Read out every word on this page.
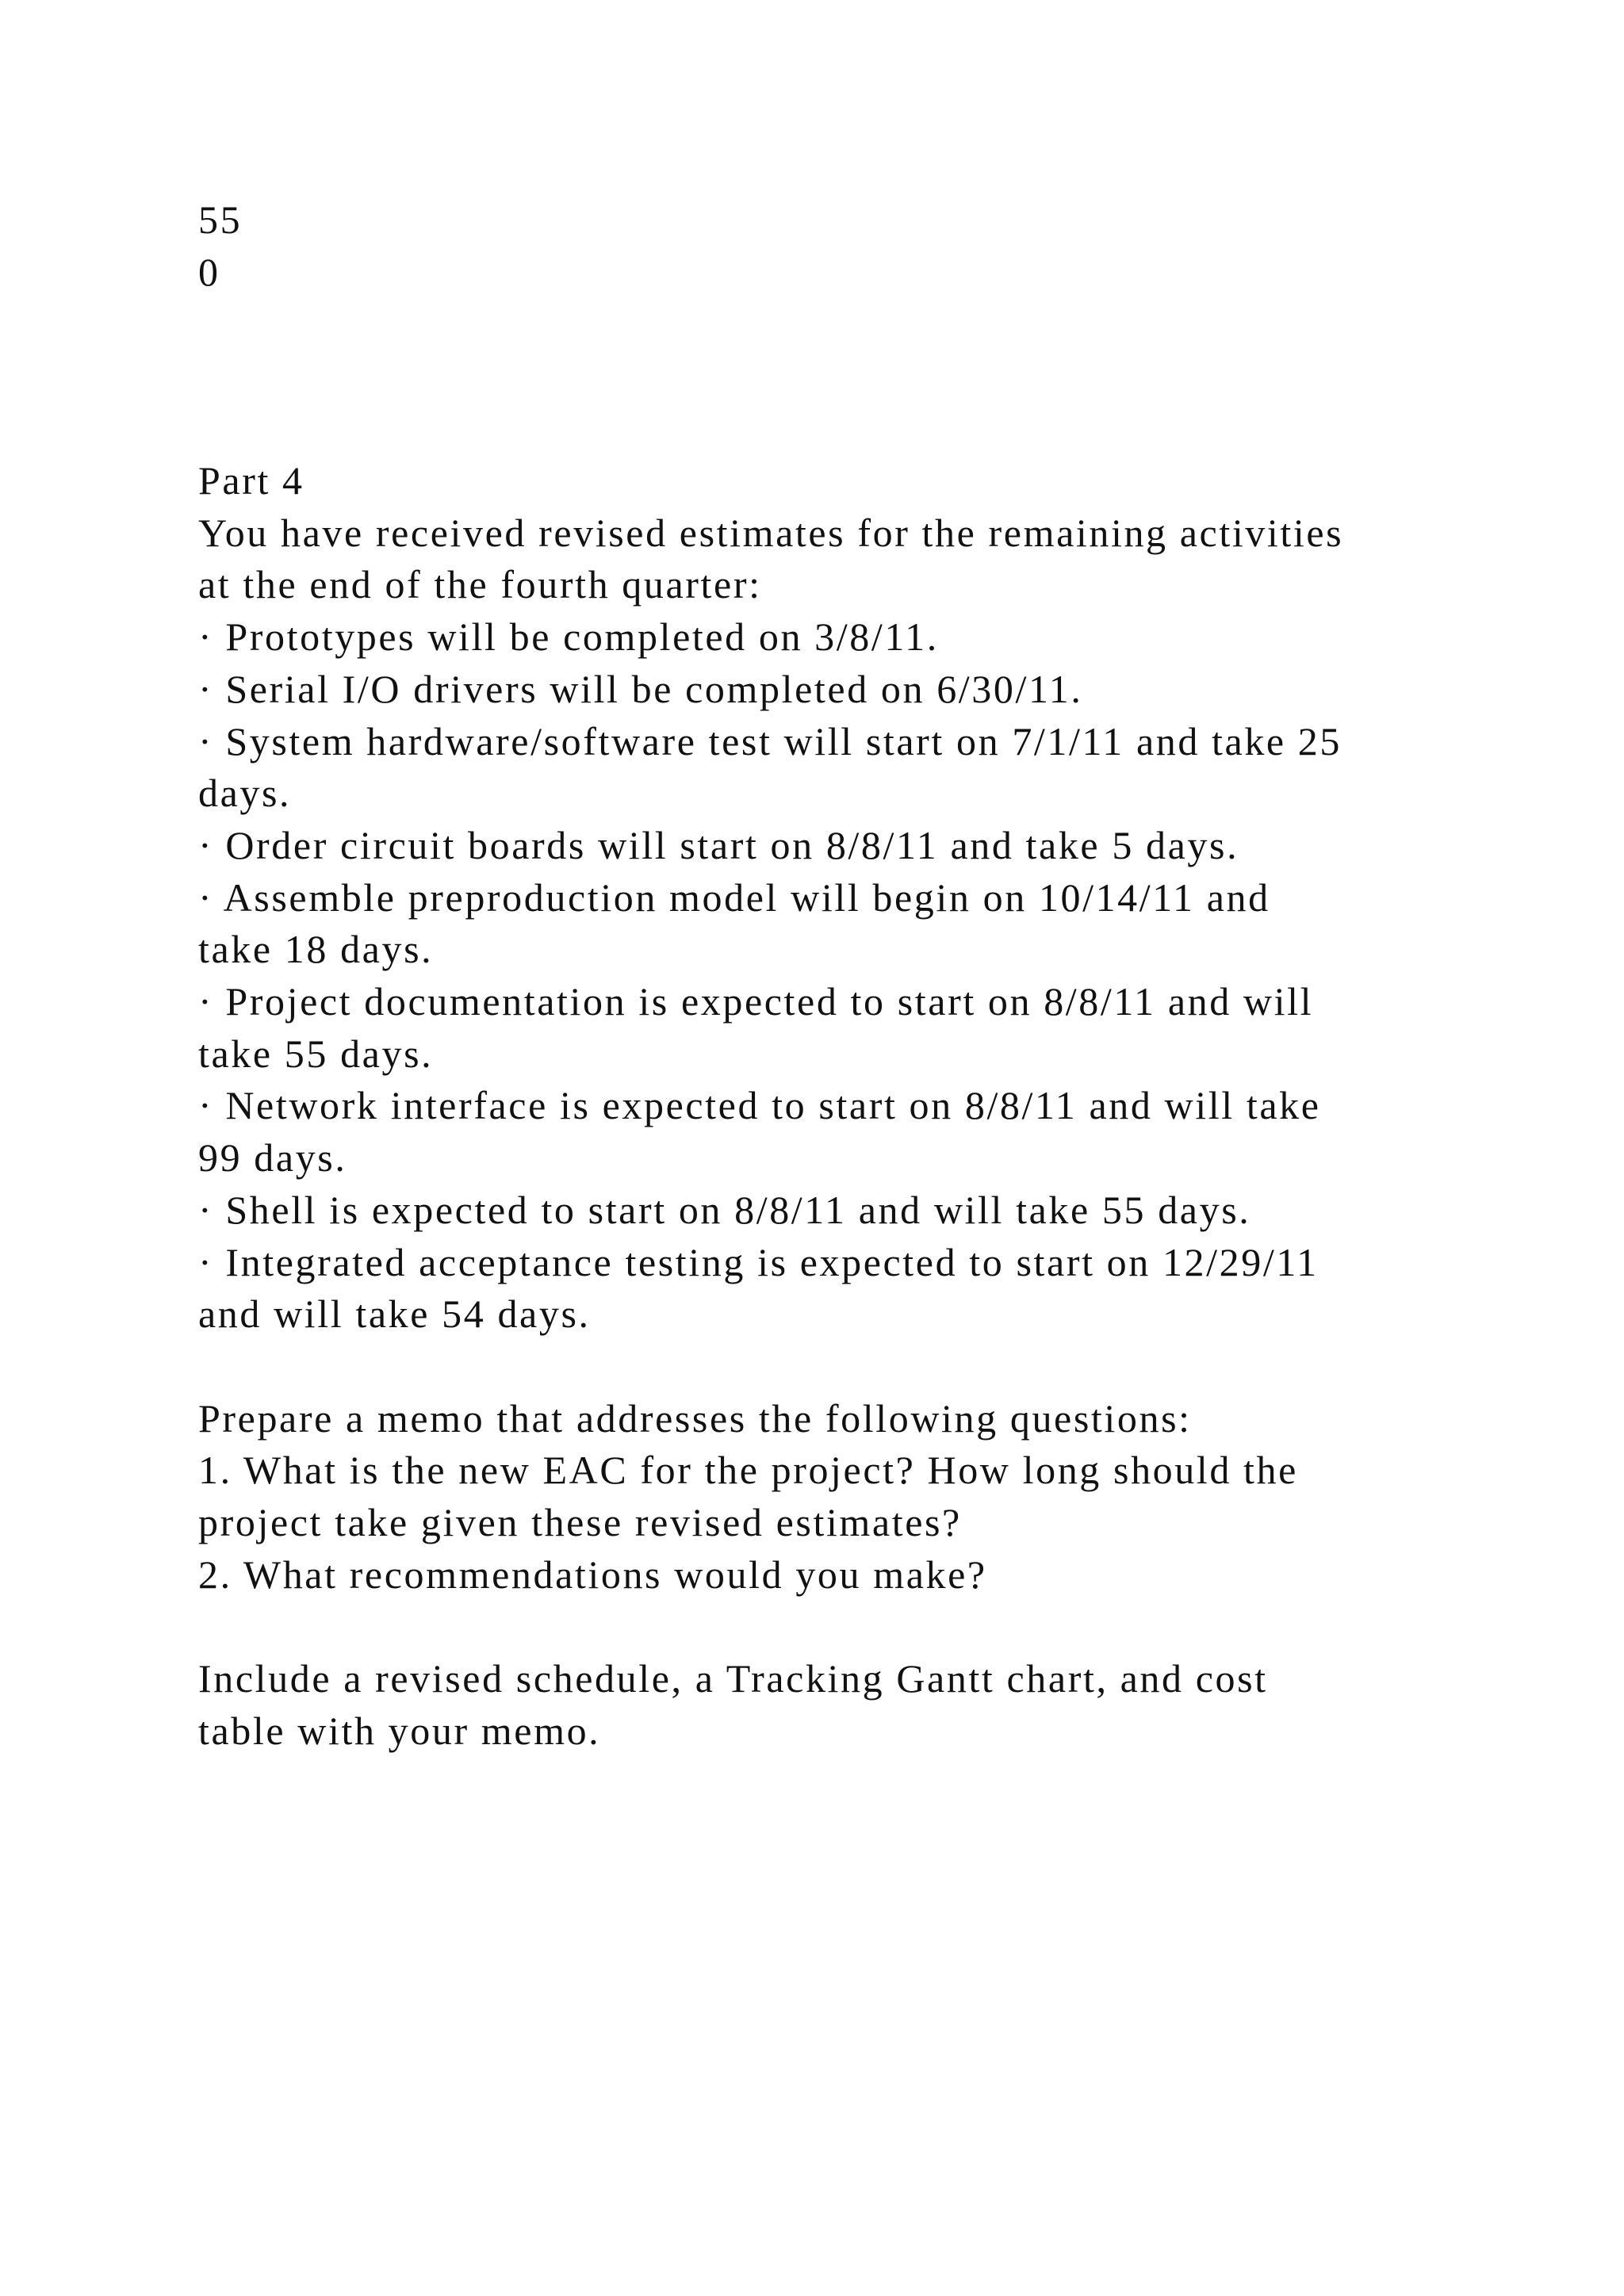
55
0
Part 4
You have received revised estimates for the remaining activities
at the end of the fourth quarter:
· Prototypes will be completed on 3/8/11.
· Serial I/O drivers will be completed on 6/30/11.
· System hardware/software test will start on 7/1/11 and take 25
days.
· Order circuit boards will start on 8/8/11 and take 5 days.
· Assemble preproduction model will begin on 10/14/11 and
take 18 days.
· Project documentation is expected to start on 8/8/11 and will
take 55 days.
· Network interface is expected to start on 8/8/11 and will take
99 days.
· Shell is expected to start on 8/8/11 and will take 55 days.
· Integrated acceptance testing is expected to start on 12/29/11
and will take 54 days.

Prepare a memo that addresses the following questions:
1. What is the new EAC for the project? How long should the
project take given these revised estimates?
2. What recommendations would you make?

Include a revised schedule, a Tracking Gantt chart, and cost
table with your memo.
